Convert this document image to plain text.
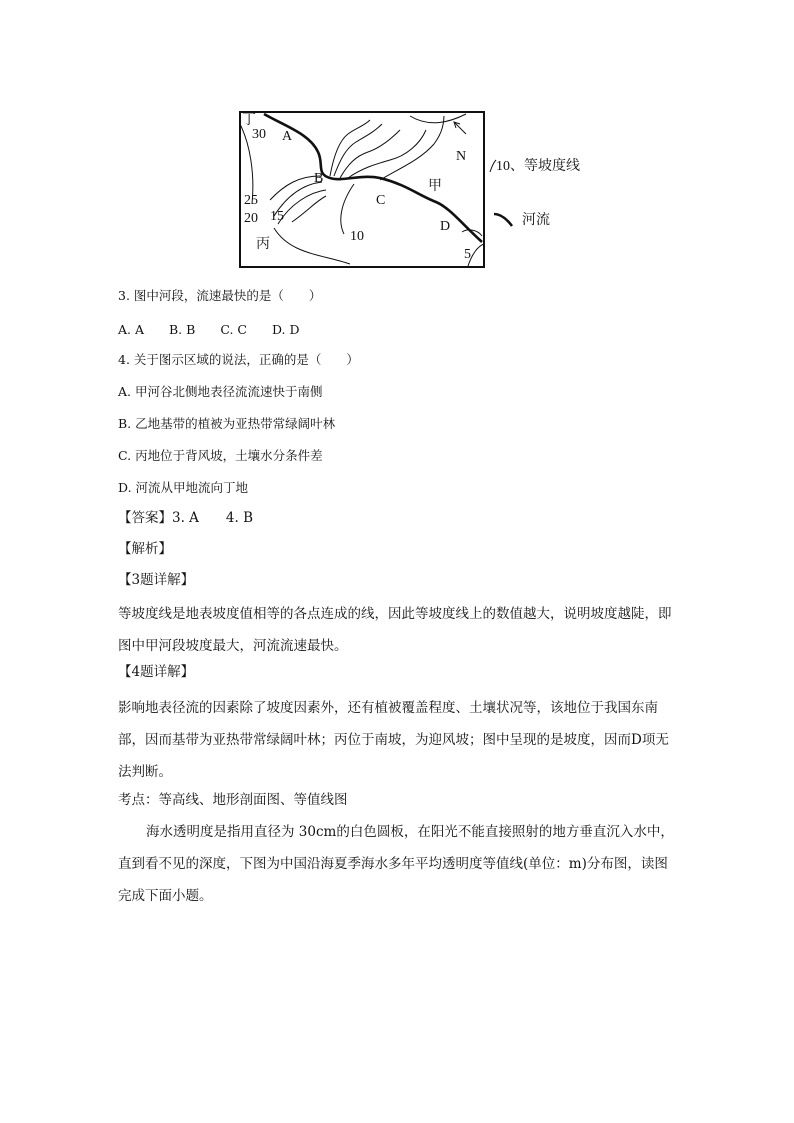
丁
30 A
B
C
甲
D
N
25
20 15
丙
10
5
10、等坡度线
河流
3. 图中河段，流速最快的是（　　）
A. A　　B. B　　C. C　　D. D
4. 关于图示区域的说法，正确的是（　　）
A. 甲河谷北侧地表径流流速快于南侧
B. 乙地基带的植被为亚热带常绿阔叶林
C. 丙地位于背风坡，土壤水分条件差
D. 河流从甲地流向丁地
【答案】3. A　　4. B
【解析】
【3题详解】
等坡度线是地表坡度值相等的各点连成的线，因此等坡度线上的数值越大，说明坡度越陡，即图中甲河段坡度最大，河流流速最快。
【4题详解】
影响地表径流的因素除了坡度因素外，还有植被覆盖程度、土壤状况等，该地位于我国东南部，因而基带为亚热带常绿阔叶林；丙位于南坡，为迎风坡；图中呈现的是坡度，因而D项无法判断。
考点：等高线、地形剖面图、等值线图
海水透明度是指用直径为 30cm的白色圆板，在阳光不能直接照射的地方垂直沉入水中，直到看不见的深度，下图为中国沿海夏季海水多年平均透明度等值线(单位：m)分布图，读图完成下面小题。
